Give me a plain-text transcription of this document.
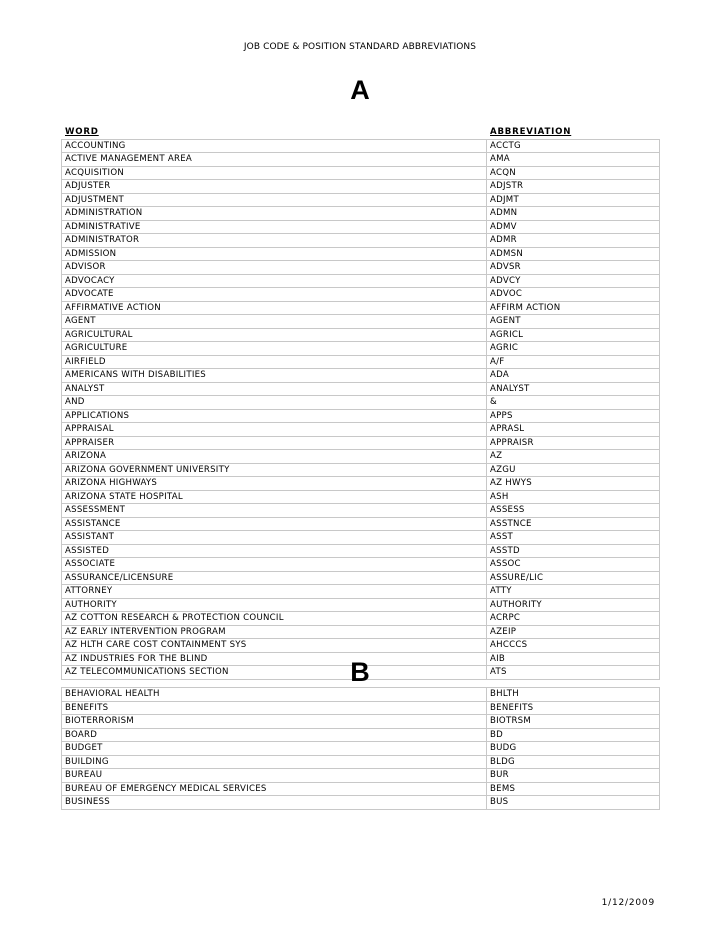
JOB CODE & POSITION STANDARD ABBREVIATIONS
A
WORD	ABBREVIATION
ACCOUNTING	ACCTG
ACTIVE MANAGEMENT AREA	AMA
ACQUISITION	ACQN
ADJUSTER	ADJSTR
ADJUSTMENT	ADJMT
ADMINISTRATION	ADMN
ADMINISTRATIVE	ADMV
ADMINISTRATOR	ADMR
ADMISSION	ADMSN
ADVISOR	ADVSR
ADVOCACY	ADVCY
ADVOCATE	ADVOC
AFFIRMATIVE ACTION	AFFIRM ACTION
AGENT	AGENT
AGRICULTURAL	AGRICL
AGRICULTURE	AGRIC
AIRFIELD	A/F
AMERICANS WITH DISABILITIES	ADA
ANALYST	ANALYST
AND	&
APPLICATIONS	APPS
APPRAISAL	APRASL
APPRAISER	APPRAISR
ARIZONA	AZ
ARIZONA GOVERNMENT UNIVERSITY	AZGU
ARIZONA HIGHWAYS	AZ HWYS
ARIZONA STATE HOSPITAL	ASH
ASSESSMENT	ASSESS
ASSISTANCE	ASSTNCE
ASSISTANT	ASST
ASSISTED	ASSTD
ASSOCIATE	ASSOC
ASSURANCE/LICENSURE	ASSURE/LIC
ATTORNEY	ATTY
AUTHORITY	AUTHORITY
AZ COTTON RESEARCH & PROTECTION COUNCIL	ACRPC
AZ EARLY INTERVENTION PROGRAM	AZEIP
AZ HLTH CARE COST CONTAINMENT SYS	AHCCCS
AZ INDUSTRIES FOR THE BLIND	AIB
AZ TELECOMMUNICATIONS SECTION	ATS
B
BEHAVIORAL HEALTH	BHLTH
BENEFITS	BENEFITS
BIOTERRORISM	BIOTRSM
BOARD	BD
BUDGET	BUDG
BUILDING	BLDG
BUREAU	BUR
BUREAU OF EMERGENCY MEDICAL SERVICES	BEMS
BUSINESS	BUS
1/12/2009
